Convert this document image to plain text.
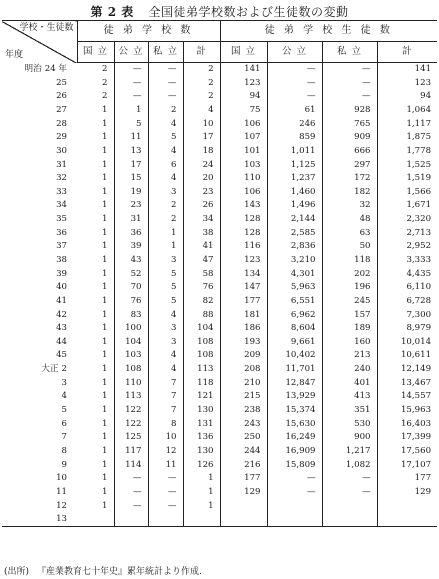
第 2 表 全国徒弟学校数および生徒数の変動
学校・生徒数
年度	徒 弟 学 校 数				徒 弟 学 校 生 徒 数			
	国 立	公 立	私 立	計	国 立	公 立	私 立	計
明治 24 年	2	—	—	2	141	—	—	141
25	2	—	—	2	123	—	—	123
26	2	—	—	2	94	—	—	94
27	1	1	2	4	75	61	928	1,064
28	1	5	4	10	106	246	765	1,117
29	1	11	5	17	107	859	909	1,875
30	1	13	4	18	101	1,011	666	1,778
31	1	17	6	24	103	1,125	297	1,525
32	1	15	4	20	110	1,237	172	1,519
33	1	19	3	23	106	1,460	182	1,566
34	1	23	2	26	143	1,496	32	1,671
35	1	31	2	34	128	2,144	48	2,320
36	1	36	1	38	128	2,585	63	2,713
37	1	39	1	41	116	2,836	50	2,952
38	1	43	3	47	123	3,210	118	3,333
39	1	52	5	58	134	4,301	202	4,435
40	1	70	5	76	147	5,963	196	6,110
41	1	76	5	82	177	6,551	245	6,728
42	1	83	4	88	181	6,962	157	7,300
43	1	100	3	104	186	8,604	189	8,979
44	1	104	3	108	193	9,661	160	10,014
45	1	103	4	108	209	10,402	213	10,611
大正 2	1	108	4	113	208	11,701	240	12,149
3	1	110	7	118	210	12,847	401	13,467
4	1	113	7	121	215	13,929	413	14,557
5	1	122	7	130	238	15,374	351	15,963
6	1	122	8	131	243	15,630	530	16,403
7	1	125	10	136	250	16,249	900	17,399
8	1	117	12	130	244	16,909	1,217	17,560
9	1	114	11	126	216	15,809	1,082	17,107
10	1	—	—	1	177	—	—	177
11	1	—	—	1	129	—	—	129
12	1	—	—	1				
13								
(出所) 『産業教育七十年史』累年統計より作成.
